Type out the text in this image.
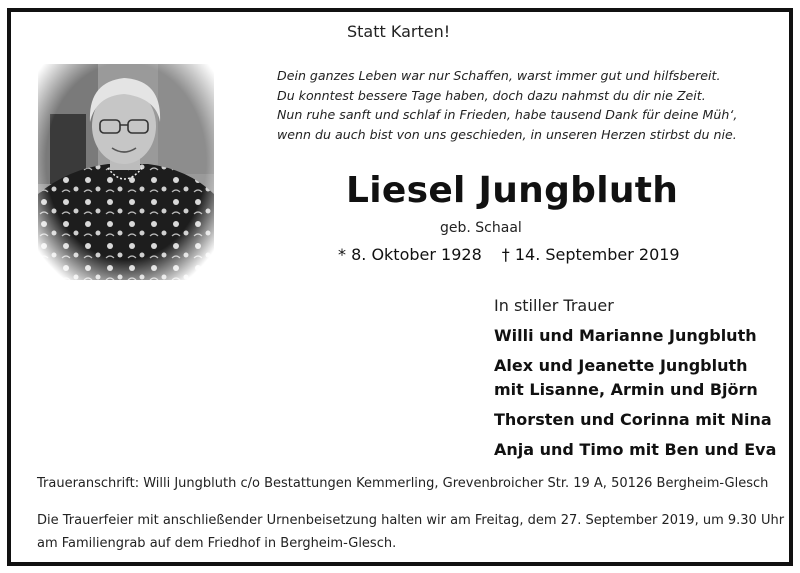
Statt Karten!
Dein ganzes Leben war nur Schaffen, warst immer gut und hilfsbereit.
Du konntest bessere Tage haben, doch dazu nahmst du dir nie Zeit.
Nun ruhe sanft und schlaf in Frieden, habe tausend Dank für deine Müh‘,
wenn du auch bist von uns geschieden, in unseren Herzen stirbst du nie.
Liesel Jungbluth
geb. Schaal
* 8. Oktober 1928 † 14. September 2019
In stiller Trauer
Willi und Marianne Jungbluth
Alex und Jeanette Jungbluth
mit Lisanne, Armin und Björn
Thorsten und Corinna mit Nina
Anja und Timo mit Ben und Eva
Traueranschrift: Willi Jungbluth c/o Bestattungen Kemmerling, Grevenbroicher Str. 19 A, 50126 Bergheim-Glesch
Die Trauerfeier mit anschließender Urnenbeisetzung halten wir am Freitag, dem 27. September 2019, um 9.30 Uhr
am Familiengrab auf dem Friedhof in Bergheim-Glesch.
